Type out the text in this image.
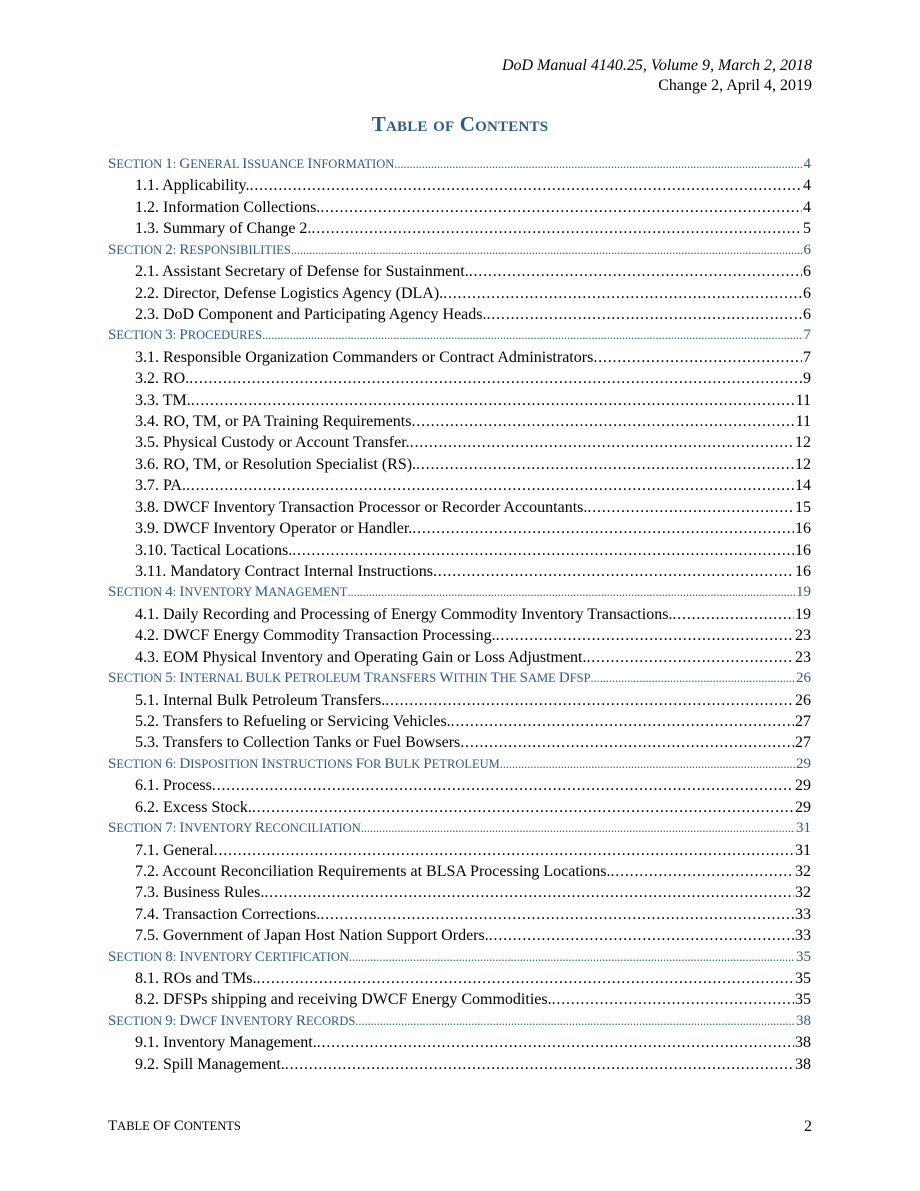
DoD Manual 4140.25, Volume 9, March 2, 2018
Change 2, April 4, 2019
TABLE OF CONTENTS
SECTION 1: GENERAL ISSUANCE INFORMATION . . .	4
1.1. Applicability. . . .	4
1.2. Information Collections. . . .	4
1.3. Summary of Change 2. . . .	5
SECTION 2: RESPONSIBILITIES . . .	6
2.1. Assistant Secretary of Defense for Sustainment. . . .	6
2.2. Director, Defense Logistics Agency (DLA). . . .	6
2.3. DoD Component and Participating Agency Heads. . . .	6
SECTION 3: PROCEDURES . . .	7
3.1. Responsible Organization Commanders or Contract Administrators . . .	7
3.2. RO. . . .	9
3.3. TM. . . .	11
3.4. RO, TM, or PA Training Requirements . . .	11
3.5. Physical Custody or Account Transfer. . . .	12
3.6. RO, TM, or Resolution Specialist (RS). . . .	12
3.7. PA. . . .	14
3.8. DWCF Inventory Transaction Processor or Recorder Accountants. . . .	15
3.9. DWCF Inventory Operator or Handler. . . .	16
3.10. Tactical Locations. . . .	16
3.11. Mandatory Contract Internal Instructions . . .	16
SECTION 4: INVENTORY MANAGEMENT . . .	19
4.1. Daily Recording and Processing of Energy Commodity Inventory Transactions. . . .	19
4.2. DWCF Energy Commodity Transaction Processing. . . .	23
4.3. EOM Physical Inventory and Operating Gain or Loss Adjustment. . . .	23
SECTION 5: INTERNAL BULK PETROLEUM TRANSFERS WITHIN THE SAME DFSP . . .	26
5.1. Internal Bulk Petroleum Transfers. . . .	26
5.2. Transfers to Refueling or Servicing Vehicles. . . .	27
5.3. Transfers to Collection Tanks or Fuel Bowsers . . .	27
SECTION 6: DISPOSITION INSTRUCTIONS FOR BULK PETROLEUM . . .	29
6.1. Process . . .	29
6.2. Excess Stock. . . .	29
SECTION 7: INVENTORY RECONCILIATION . . .	31
7.1. General . . .	31
7.2. Account Reconciliation Requirements at BLSA Processing Locations. . . .	32
7.3. Business Rules. . . .	32
7.4. Transaction Corrections. . . .	33
7.5. Government of Japan Host Nation Support Orders. . . .	33
SECTION 8: INVENTORY CERTIFICATION . . .	35
8.1. ROs and TMs. . . .	35
8.2. DFSPs shipping and receiving DWCF Energy Commodities. . . .	35
SECTION 9: DWCF INVENTORY RECORDS . . .	38
9.1. Inventory Management. . . .	38
9.2. Spill Management. . . .	38
TABLE OF CONTENTS	2
